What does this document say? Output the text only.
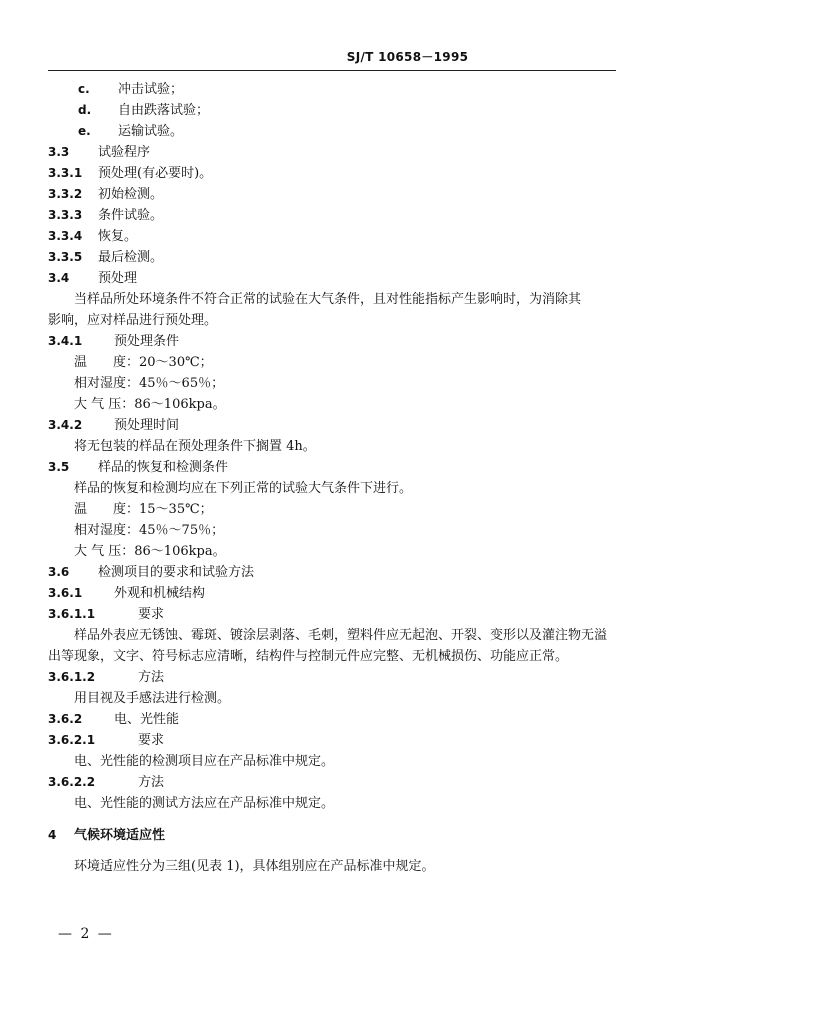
SJ/T 10658－1995
c. 冲击试验；
d. 自由跌落试验；
e. 运输试验。
3.3 试验程序
3.3.1 预处理(有必要时)。
3.3.2 初始检测。
3.3.3 条件试验。
3.3.4 恢复。
3.3.5 最后检测。
3.4 预处理
当样品所处环境条件不符合正常的试验在大气条件，且对性能指标产生影响时，为消除其
影响，应对样品进行预处理。
3.4.1 预处理条件
温　　度：20～30℃；
相对湿度：45％～65％；
大 气 压：86～106kpa。
3.4.2 预处理时间
将无包装的样品在预处理条件下搁置 4h。
3.5 样品的恢复和检测条件
样品的恢复和检测均应在下列正常的试验大气条件下进行。
温　　度：15～35℃；
相对湿度：45％～75％；
大 气 压：86～106kpa。
3.6 检测项目的要求和试验方法
3.6.1 外观和机械结构
3.6.1.1	要求
样品外表应无锈蚀、霉斑、镀涂层剥落、毛刺，塑料件应无起泡、开裂、变形以及灌注物无溢
出等现象，文字、符号标志应清晰，结构件与控制元件应完整、无机械损伤、功能应正常。
3.6.1.2	方法
用目视及手感法进行检测。
3.6.2 电、光性能
3.6.2.1	要求
电、光性能的检测项目应在产品标准中规定。
3.6.2.2	方法
电、光性能的测试方法应在产品标准中规定。
4 气候环境适应性
环境适应性分为三组(见表 1)，具体组别应在产品标准中规定。
— 2 —
